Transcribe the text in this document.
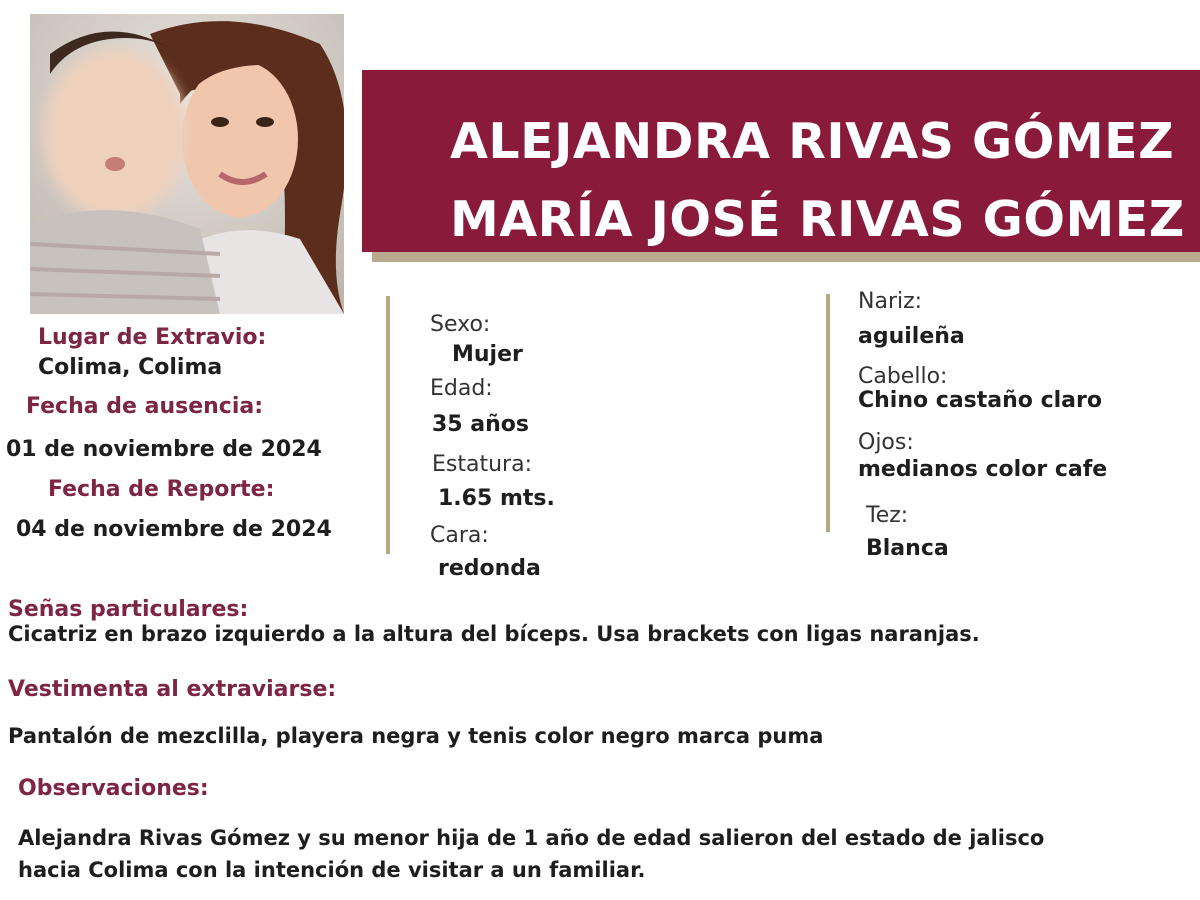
ALEJANDRA RIVAS GÓMEZ
MARÍA JOSÉ RIVAS GÓMEZ
Lugar de Extravio:
Colima, Colima
Fecha de ausencia:
01 de noviembre de 2024
Fecha de Reporte:
04 de noviembre de 2024
Sexo:
Mujer
Edad:
35 años
Estatura:
1.65 mts.
Cara:
redonda
Nariz:
aguileña
Cabello:
Chino castaño claro
Ojos:
medianos color cafe
Tez:
Blanca
Señas particulares:
Cicatriz en brazo izquierdo a la altura del bíceps. Usa brackets con ligas naranjas.
Vestimenta al extraviarse:
Pantalón de mezclilla, playera negra y tenis color negro marca puma
Observaciones:
Alejandra Rivas Gómez y su menor hija de 1 año de edad salieron del estado de jalisco
hacia Colima con la intención de visitar a un familiar.
